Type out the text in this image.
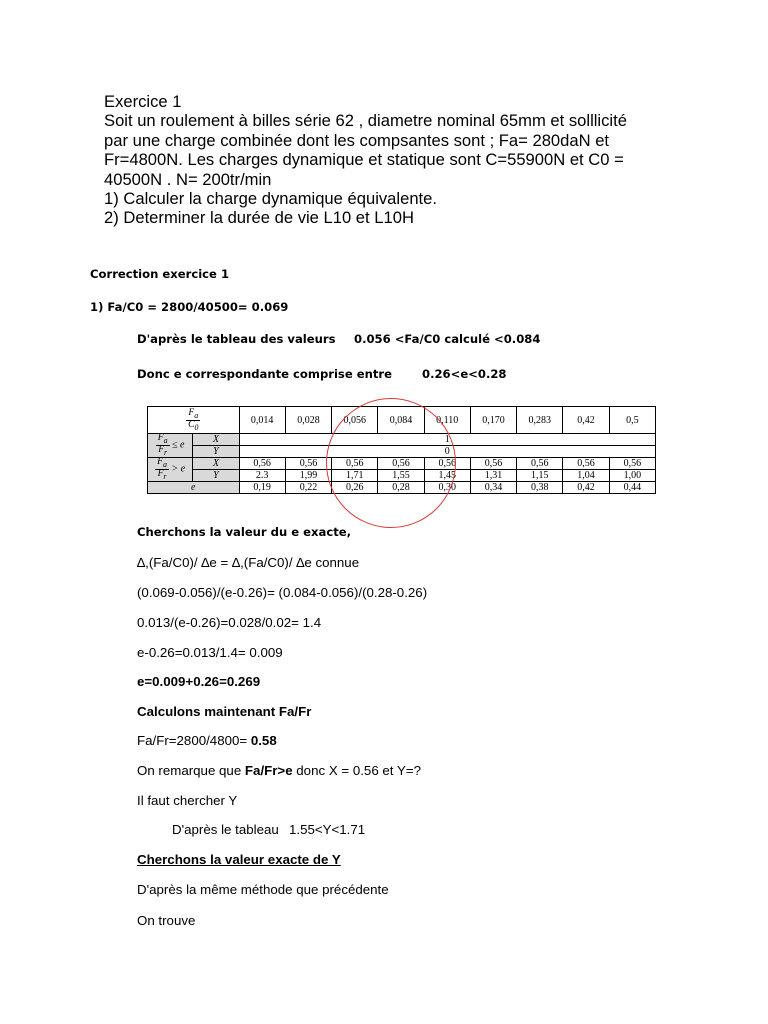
Exercice 1
Soit un roulement à billes série 62 , diametre nominal 65mm et solllicité
par une charge combinée dont les compsantes sont ; Fa= 280daN et
Fr=4800N. Les charges dynamique et statique sont C=55900N et C0 =
40500N . N= 200tr/min
1) Calculer la charge dynamique équivalente.
2) Determiner la durée de vie L10 et L10H
Correction exercice 1
1) Fa/C0 = 2800/40500= 0.069
D'après le tableau des valeurs 0.056 <Fa/C0 calculé <0.084
Donc e correspondante comprise entre	0.26<e<0.28
$\frac{F_a}{C_0}$		0,014	0,028	0,056	0,084	0,110	0,170	0,283	0,42	0,5

$\frac{F_a}{F_r} \le e$	X	1								
	Y	0								

$\frac{F_a}{F_r} > e$	X	0,56	0,56	0,56	0,56	0,56	0,56	0,56	0,56	0,56
	Y	2.3	1,99	1,71	1,55	1,45	1,31	1,15	1,04	1,00
e		0,19	0,22	0,26	0,28	0,30	0,34	0,38	0,42	0,44
Cherchons la valeur du e exacte,
∆,(Fa/C0)/ ∆e = ∆,(Fa/C0)/ ∆e connue
(0.069-0.056)/(e-0.26)= (0.084-0.056)/(0.28-0.26)
0.013/(e-0.26)=0.028/0.02= 1.4
e-0.26=0.013/1.4= 0.009
e=0.009+0.26=0.269
Calculons maintenant Fa/Fr
Fa/Fr=2800/4800= 0.58
On remarque que Fa/Fr>e donc X = 0.56 et Y=?
Il faut chercher Y
D'après le tableau 1.55<Y<1.71
Cherchons la valeur exacte de Y
D'après la même méthode que précédente
On trouve
